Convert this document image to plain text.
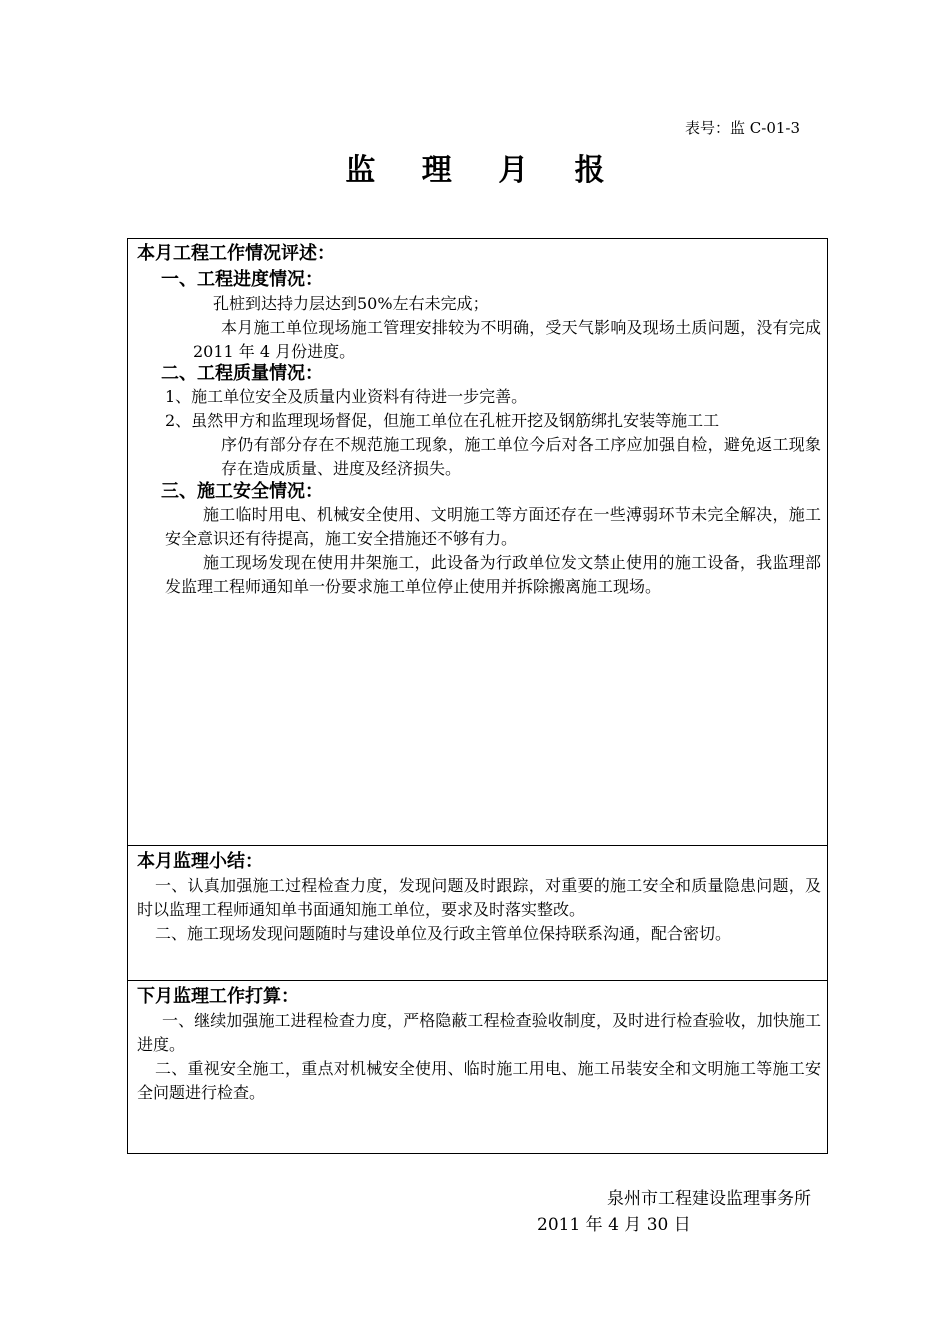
表号：监 C-01-3
监 理 月 报
本月工程工作情况评述：
一、工程进度情况：
孔桩到达持力层达到50%左右未完成；
本月施工单位现场施工管理安排较为不明确，受天气影响及现场土质问题，没有完成 2011 年 4 月份进度。
二、工程质量情况：
1、施工单位安全及质量内业资料有待进一步完善。
2、虽然甲方和监理现场督促，但施工单位在孔桩开挖及钢筋绑扎安装等施工工
序仍有部分存在不规范施工现象，施工单位今后对各工序应加强自检，避免返工现象存在造成质量、进度及经济损失。
三、施工安全情况：
施工临时用电、机械安全使用、文明施工等方面还存在一些溥弱环节未完全解决，施工安全意识还有待提高，施工安全措施还不够有力。
施工现场发现在使用井架施工，此设备为行政单位发文禁止使用的施工设备，我监理部发监理工程师通知单一份要求施工单位停止使用并拆除搬离施工现场。
本月监理小结：
一、认真加强施工过程检查力度，发现问题及时跟踪，对重要的施工安全和质量隐患问题，及时以监理工程师通知单书面通知施工单位，要求及时落实整改。
二、施工现场发现问题随时与建设单位及行政主管单位保持联系沟通，配合密切。
下月监理工作打算：
一、继续加强施工进程检查力度，严格隐蔽工程检查验收制度，及时进行检查验收，加快施工进度。
二、重视安全施工，重点对机械安全使用、临时施工用电、施工吊装安全和文明施工等施工安全问题进行检查。
泉州市工程建设监理事务所
2011 年 4 月 30 日
